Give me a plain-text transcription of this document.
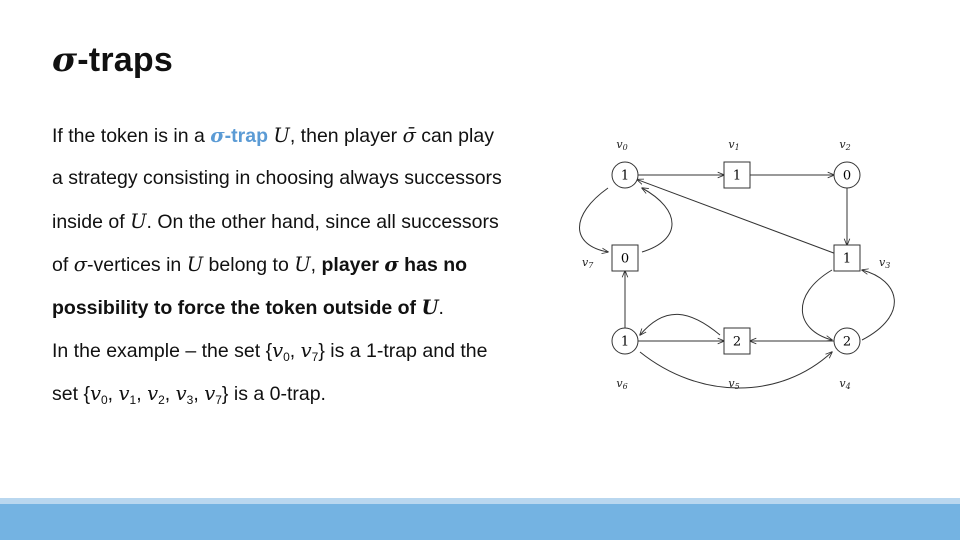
σ-traps
If the token is in a σ-trap U, then player σ̄ can play
a strategy consisting in choosing always successors
inside of U. On the other hand, since all successors
of σ-vertices in U belong to U, player σ has no
possibility to force the token outside of U.
In the example – the set {$v_0$, $v_7$} is a 1-trap and the
set {$v_0$, $v_1$, $v_2$, $v_3$, $v_7$} is a 0-trap.
1
v0
1
v1
0
v2
1	v3
2
v4
2
v5
1
v6
0
v7
